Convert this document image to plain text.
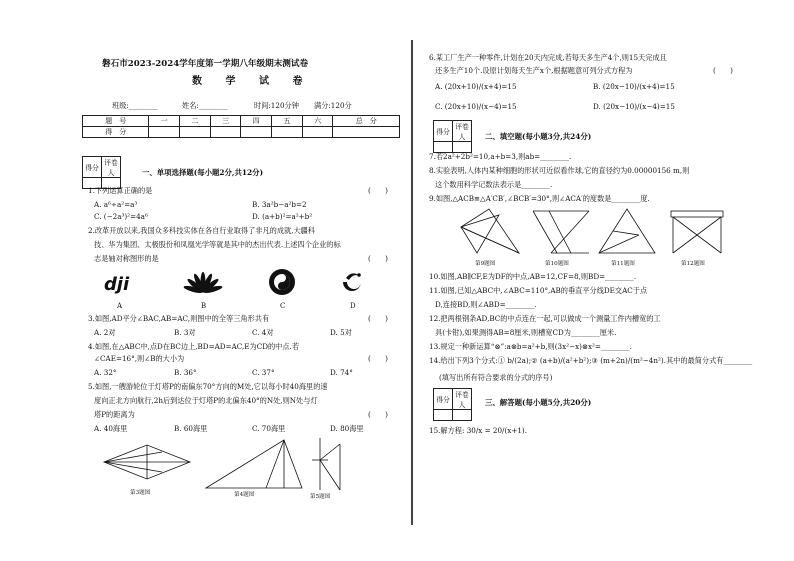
磐石市2023-2024学年度第一学期八年级期末测试卷
数 学 试 卷
班级:________	姓名:________	时间:120分钟 满分:120分
题　号	一	二	三	四	五	六	总　分
得　分							
得分	评卷人
		一、单项选择题(每小题2分,共12分)
1.下列运算正确的是	(　　)
A. a⁶÷a²=a³	B. 3a²b−a²b=2
C. (−2a³)²=4a⁶	D. (a+b)²=a²+b²
2.改革开放以来,我国众多科技实体在各自行业取得了非凡的成就,大疆科
技、华为集团、太极股份和凤凰光学等就是其中的杰出代表.上述四个企业的标
志是轴对称图形的是	(　　)
dji
A	B	C	D
3.如图,AD平分∠BAC,AB=AC,则图中的全等三角形共有	(　　)
A. 2对	B. 3对	C. 4对	D. 5对
4.如图,在△ABC中,点D在BC边上,BD=AD=AC,E为CD的中点.若
∠CAE=16°,则∠B的大小为	(　　)
A. 32°	B. 36°	C. 37°	D. 74°
5.如图,一艘游轮位于灯塔P的南偏东70°方向的M处,它以每小时40海里的速
度向正北方向航行,2h后到达位于灯塔P的北偏东40°的N处,则N处与灯
塔P的距离为	(　　)
A. 40海里	B. 60海里	C. 70海里	D. 80海里
第3题图	第4题图	第5题图
6.某工厂生产一种零件,计划在20天内完成,若每天多生产4个,则15天完成且
还多生产10个.设原计划每天生产x个,根据题意可列分式方程为	(　　)
A. (20x+10)/(x+4)=15	B. (20x−10)/(x+4)=15
C. (20x+10)/(x−4)=15	D. (20x−10)/(x−4)=15
得分	评卷人
		二、填空题(每小题3分,共24分)
7.若2a²+2b²=10,a+b=3,则ab=________.
8.实验表明,人体内某种细胞的形状可近似看作球,它的直径约为0.00000156 m,则
这个数用科学记数法表示是________.
9.如图,△ACB≌△A′CB′,∠BCB′=30°,则∠ACA′的度数是________度.
第9题图	第10题图	第11题图	第12题图
10.如图,AB∥CF,E为DF的中点,AB=12,CF=8,则BD=________.
11.如图,已知△ABC中,∠ABC=110°,AB的垂直平分线DE交AC于点
D,连接BD,则∠ABD=________.
12.把两根钢条AD,BC的中点连在一起,可以做成一个测量工件内槽宽的工
具(卡钳),如果测得AB=8厘米,则槽宽CD为________厘米.
13.规定一种新运算“⊗”:a⊗b=a²+b,则(3x²−x)⊗x²=________.
14.给出下列3个分式:① b/(2a);② (a+b)/(a²+b²);③ (m+2n)/(m²−4n²).其中的最简分式有________
(填写出所有符合要求的分式的序号)
得分	评卷人
		三、解答题(每小题5分,共20分)
15.解方程: 30/x = 20/(x+1).
